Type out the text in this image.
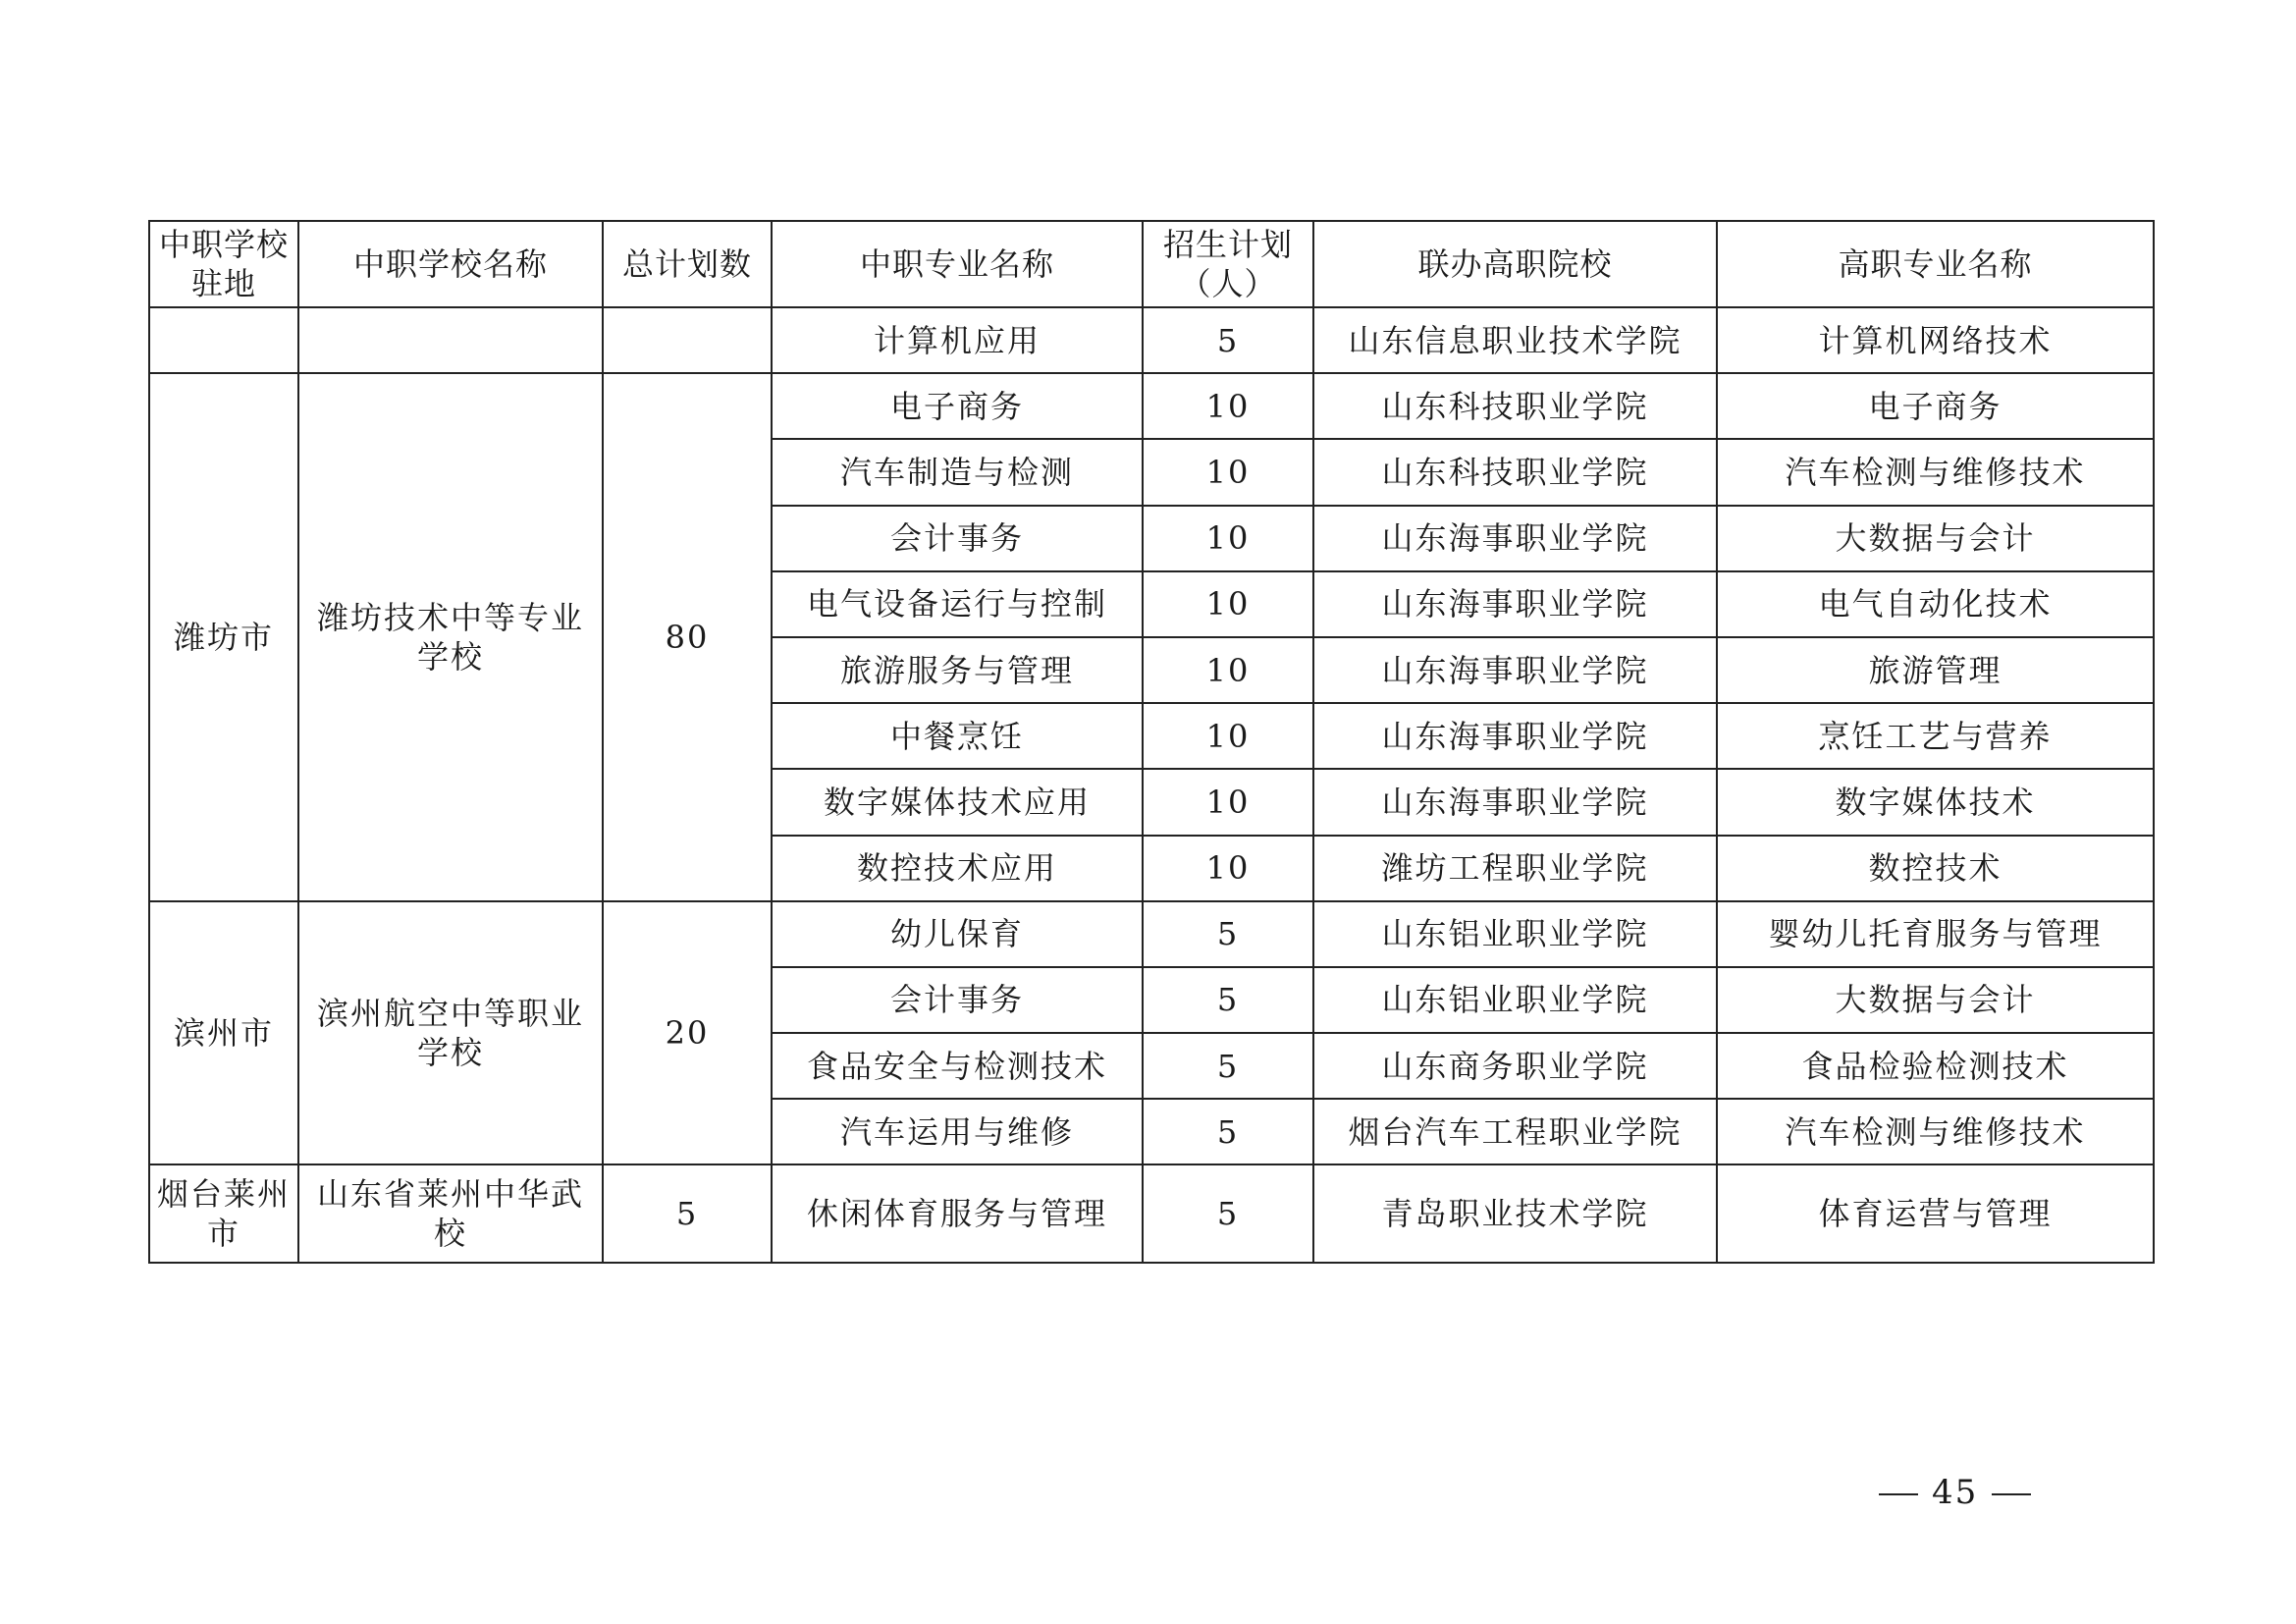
中职学校驻地	中职学校名称	总计划数	中职专业名称	招生计划（人）	联办高职院校	高职专业名称
			计算机应用	5	山东信息职业技术学院	计算机网络技术
潍坊市	潍坊技术中等专业学校	80	电子商务	10	山东科技职业学院	电子商务
			汽车制造与检测	10	山东科技职业学院	汽车检测与维修技术
			会计事务	10	山东海事职业学院	大数据与会计
			电气设备运行与控制	10	山东海事职业学院	电气自动化技术
			旅游服务与管理	10	山东海事职业学院	旅游管理
			中餐烹饪	10	山东海事职业学院	烹饪工艺与营养
			数字媒体技术应用	10	山东海事职业学院	数字媒体技术
			数控技术应用	10	潍坊工程职业学院	数控技术
滨州市	滨州航空中等职业学校	20	幼儿保育	5	山东铝业职业学院	婴幼儿托育服务与管理
			会计事务	5	山东铝业职业学院	大数据与会计
			食品安全与检测技术	5	山东商务职业学院	食品检验检测技术
			汽车运用与维修	5	烟台汽车工程职业学院	汽车检测与维修技术
烟台莱州市	山东省莱州中华武校	5	休闲体育服务与管理	5	青岛职业技术学院	体育运营与管理
45
